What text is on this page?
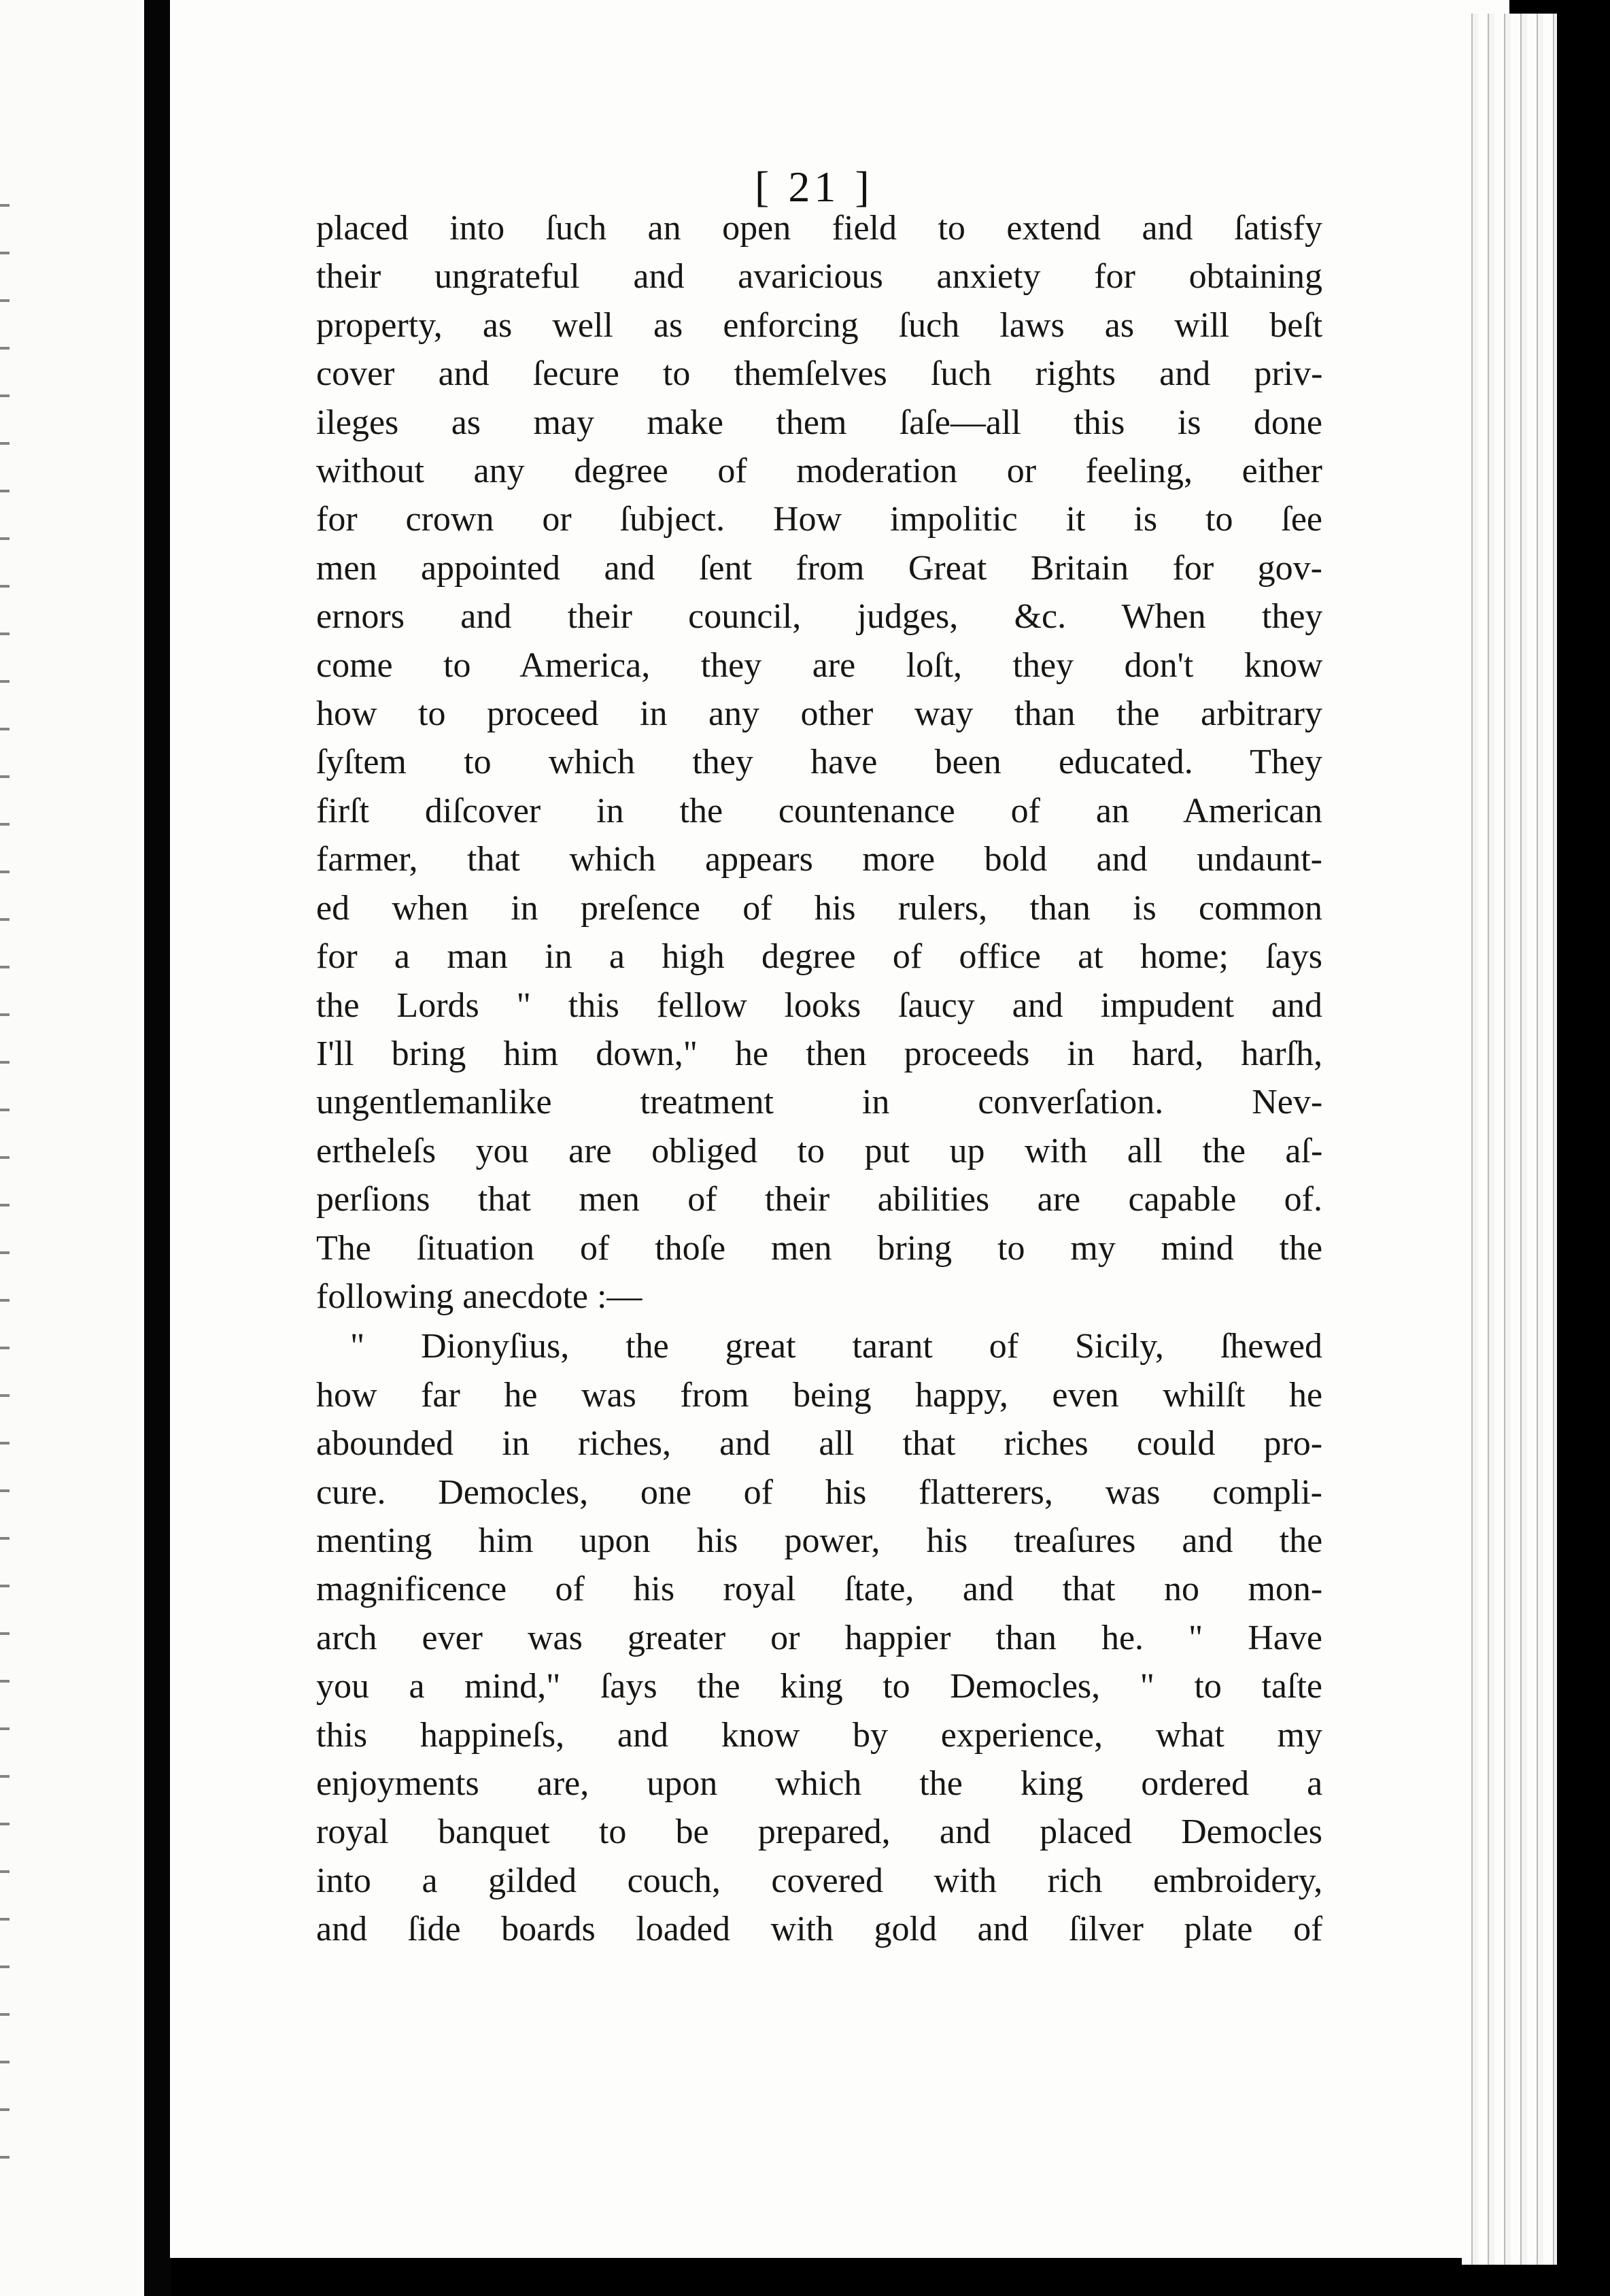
[ 21 ]
placed into ſuch an open field to extend and ſatisfy
their ungrateful and avaricious anxiety for obtaining
property, as well as enforcing ſuch laws as will beſt
cover and ſecure to themſelves ſuch rights and priv-
ileges as may make them ſaſe—all this is done
without any degree of moderation or feeling, either
for crown or ſubject. How impolitic it is to ſee
men appointed and ſent from Great Britain for gov-
ernors and their council, judges, &c. When they
come to America, they are loſt, they don't know
how to proceed in any other way than the arbitrary
ſyſtem to which they have been educated. They
firſt diſcover in the countenance of an American
farmer, that which appears more bold and undaunt-
ed when in preſence of his rulers, than is common
for a man in a high degree of office at home; ſays
the Lords " this fellow looks ſaucy and impudent and
I'll bring him down," he then proceeds in hard, harſh,
ungentlemanlike treatment in converſation. Nev-
ertheleſs you are obliged to put up with all the aſ-
perſions that men of their abilities are capable of.
The ſituation of thoſe men bring to my mind the
following anecdote :—
" Dionyſius, the great tarant of Sicily, ſhewed
how far he was from being happy, even whilſt he
abounded in riches, and all that riches could pro-
cure. Democles, one of his flatterers, was compli-
menting him upon his power, his treaſures and the
magnificence of his royal ſtate, and that no mon-
arch ever was greater or happier than he. " Have
you a mind," ſays the king to Democles, " to taſte
this happineſs, and know by experience, what my
enjoyments are, upon which the king ordered a
royal banquet to be prepared, and placed Democles
into a gilded couch, covered with rich embroidery,
and ſide boards loaded with gold and ſilver plate of
